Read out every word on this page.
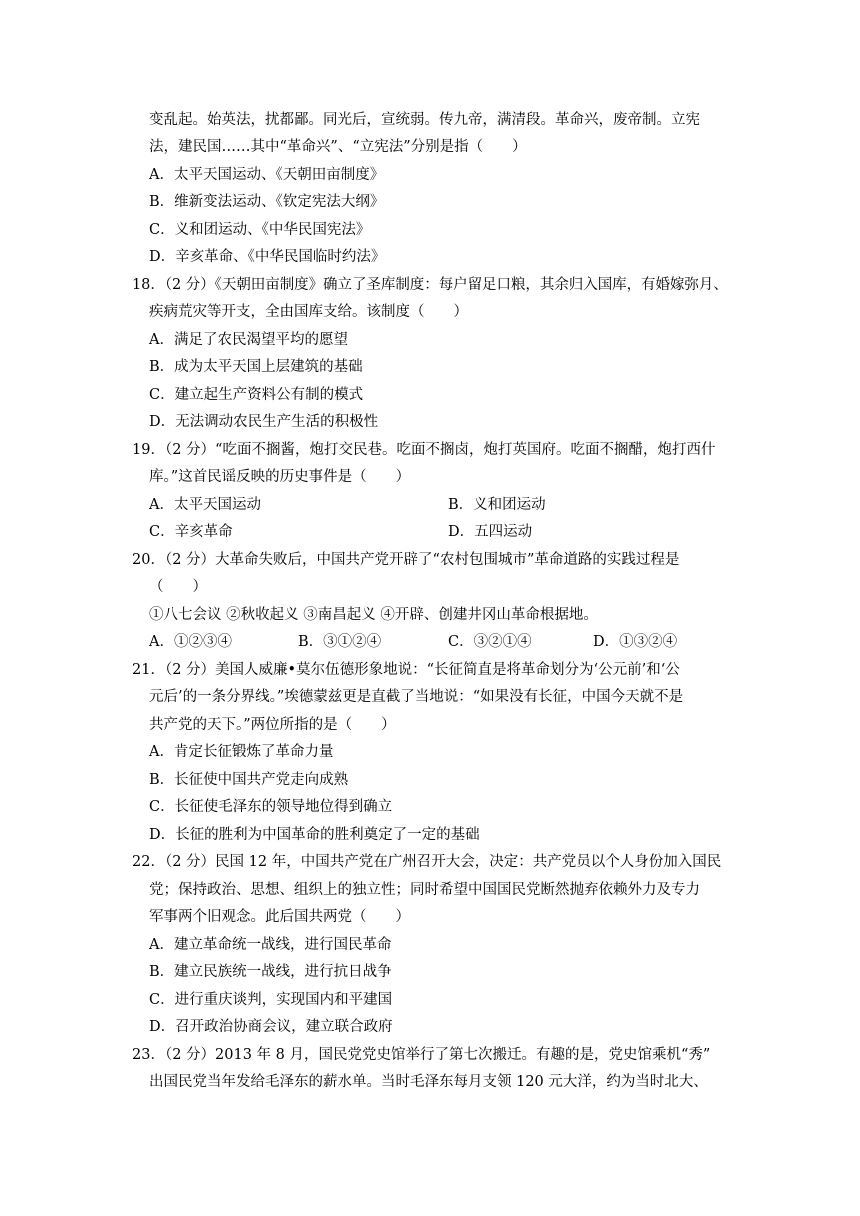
变乱起。始英法，扰都鄙。同光后，宣统弱。传九帝，满清段。革命兴，废帝制。立宪
法，建民国……其中“革命兴”、“立宪法”分别是指（　　）
A．太平天国运动、《天朝田亩制度》
B．维新变法运动、《钦定宪法大纲》
C．义和团运动、《中华民国宪法》
D．辛亥革命、《中华民国临时约法》
18．（2 分）《天朝田亩制度》确立了圣库制度：每户留足口粮，其余归入国库，有婚嫁弥月、
疾病荒灾等开支，全由国库支给。该制度（　　）
A．满足了农民渴望平均的愿望
B．成为太平天国上层建筑的基础
C．建立起生产资料公有制的模式
D．无法调动农民生产生活的积极性
19．（2 分）“吃面不搁酱，炮打交民巷。吃面不搁卤，炮打英国府。吃面不搁醋，炮打西什
库。”这首民谣反映的历史事件是（　　）
A．太平天国运动	B．义和团运动
C．辛亥革命	D．五四运动
20．（2 分）大革命失败后，中国共产党开辟了“农村包围城市”革命道路的实践过程是
（　　）
①八七会议 ②秋收起义 ③南昌起义 ④开辟、创建井冈山革命根据地。
A．①②③④	B．③①②④	C．③②①④	D．①③②④
21．（2 分）美国人威廉•莫尔伍德形象地说：“长征简直是将革命划分为‘公元前’和‘公
元后’的一条分界线。”埃德蒙兹更是直截了当地说：“如果没有长征，中国今天就不是
共产党的天下。”两位所指的是（　　）
A．肯定长征锻炼了革命力量
B．长征使中国共产党走向成熟
C．长征使毛泽东的领导地位得到确立
D．长征的胜利为中国革命的胜利奠定了一定的基础
22．（2 分）民国 12 年，中国共产党在广州召开大会，决定：共产党员以个人身份加入国民
党；保持政治、思想、组织上的独立性；同时希望中国国民党断然抛弃依赖外力及专力
军事两个旧观念。此后国共两党（　　）
A．建立革命统一战线，进行国民革命
B．建立民族统一战线，进行抗日战争
C．进行重庆谈判，实现国内和平建国
D．召开政治协商会议，建立联合政府
23．（2 分）2013 年 8 月，国民党党史馆举行了第七次搬迁。有趣的是，党史馆乘机“秀”
出国民党当年发给毛泽东的薪水单。当时毛泽东每月支领 120 元大洋，约为当时北大、
